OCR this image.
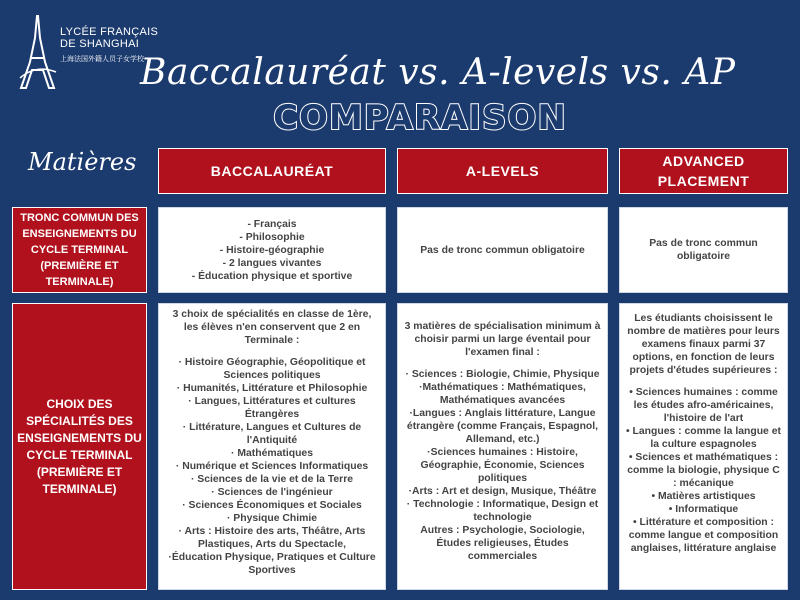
LYCÉE FRANÇAIS
DE SHANGHAI
上海法国外籍人员子女学校
Baccalauréat vs. A-levels vs. AP
COMPARAISON
Matières	BACCALAURÉAT	A-LEVELS
ADVANCED PLACEMENT
TRONC COMMUN DES ENSEIGNEMENTS DU CYCLE TERMINAL (PREMIÈRE ET TERMINALE)

- Français

- Philosophie

- Histoire-géographie

- 2 langues vivantes

- Éducation physique et sportive

Pas de tronc commun obligatoire

Pas de tronc commun obligatoire

CHOIX DES SPÉCIALITÉS DES ENSEIGNEMENTS DU CYCLE TERMINAL (PREMIÈRE ET TERMINALE)

3 choix de spécialités en classe de 1ère, les élèves n'en conservent que 2 en Terminale :

· Histoire Géographie, Géopolitique et Sciences politiques

· Humanités, Littérature et Philosophie

· Langues, Littératures et cultures Étrangères

· Littérature, Langues et Cultures de l'Antiquité

· Mathématiques

· Numérique et Sciences Informatiques

· Sciences de la vie et de la Terre

· Sciences de l'ingénieur

· Sciences Économiques et Sociales

· Physique Chimie

· Arts : Histoire des arts, Théâtre, Arts Plastiques, Arts du Spectacle,

·Éducation Physique, Pratiques et Culture Sportives

3 matières de spécialisation minimum à choisir parmi un large éventail pour l'examen final :

· Sciences : Biologie, Chimie, Physique

·Mathématiques : Mathématiques, Mathématiques avancées

·Langues : Anglais littérature, Langue étrangère (comme Français, Espagnol, Allemand, etc.)

·Sciences humaines : Histoire, Géographie, Économie, Sciences politiques

·Arts : Art et design, Musique, Théâtre

· Technologie : Informatique, Design et technologie

Autres : Psychologie, Sociologie, Études religieuses, Études commerciales

Les étudiants choisissent le nombre de matières pour leurs examens finaux parmi 37 options, en fonction de leurs projets d'études supérieures :

• Sciences humaines : comme les études afro-américaines, l'histoire de l'art

• Langues : comme la langue et la culture espagnoles

• Sciences et mathématiques : comme la biologie, physique C : mécanique

• Matières artistiques

• Informatique

• Littérature et composition : comme langue et composition anglaises, littérature anglaise
